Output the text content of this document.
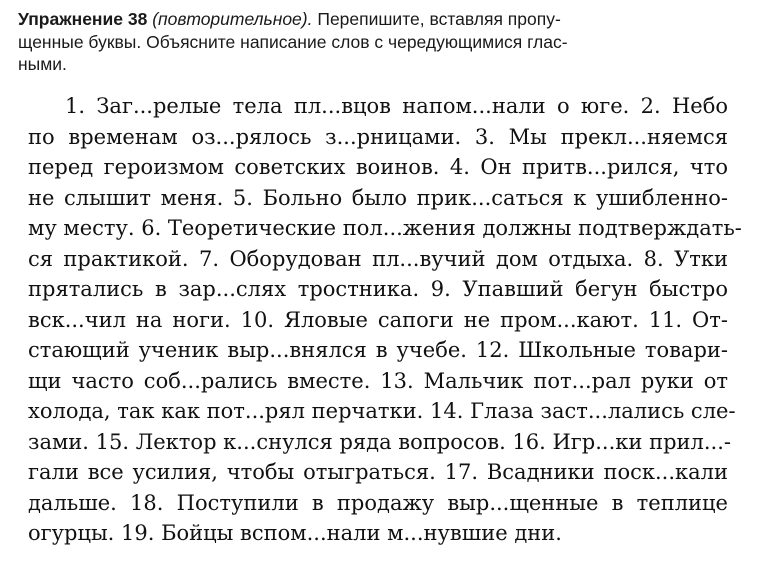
Упражнение 38 (повторительное). Перепишите, вставляя пропу-
щенные буквы. Объясните написание слов с чередующимися глас-
ными.
1. Заг...релые тела пл...вцов напом...нали о юге. 2. Небо
по временам оз...рялось з...рницами. 3. Мы прекл...няемся
перед героизмом советских воинов. 4. Он притв...рился, что
не слышит меня. 5. Больно было прик...саться к ушибленно-
му месту. 6. Теоретические пол...жения должны подтверждать-
ся практикой. 7. Оборудован пл...вучий дом отдыха. 8. Утки
прятались в зар...слях тростника. 9. Упавший бегун быстро
вск...чил на ноги. 10. Яловые сапоги не пром...кают. 11. От-
стающий ученик выр...внялся в учебе. 12. Школьные товари-
щи часто соб...рались вместе. 13. Мальчик пот...рал руки от
холода, так как пот...рял перчатки. 14. Глаза заст...лались сле-
зами. 15. Лектор к...снулся ряда вопросов. 16. Игр...ки прил...-
гали все усилия, чтобы отыграться. 17. Всадники поск...кали
дальше. 18. Поступили в продажу выр...щенные в теплице
огурцы. 19. Бойцы вспом...нали м...нувшие дни.
